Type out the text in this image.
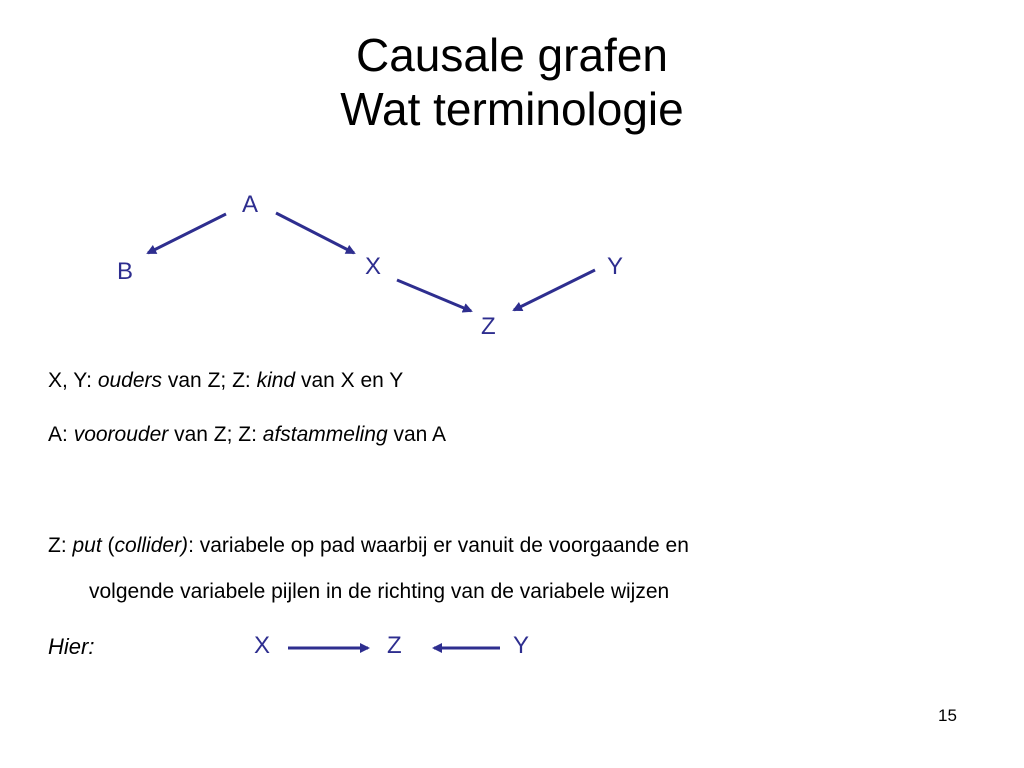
Causale grafen
Wat terminologie
A
B	X	Y
Z
X, Y: ouders van Z; Z: kind van X en Y
A: voorouder van Z; Z: afstammeling van A
Z: put (collider): variabele op pad waarbij er vanuit de voorgaande en
volgende variabele pijlen in de richting van de variabele wijzen
Hier:	X	Z	Y
15
